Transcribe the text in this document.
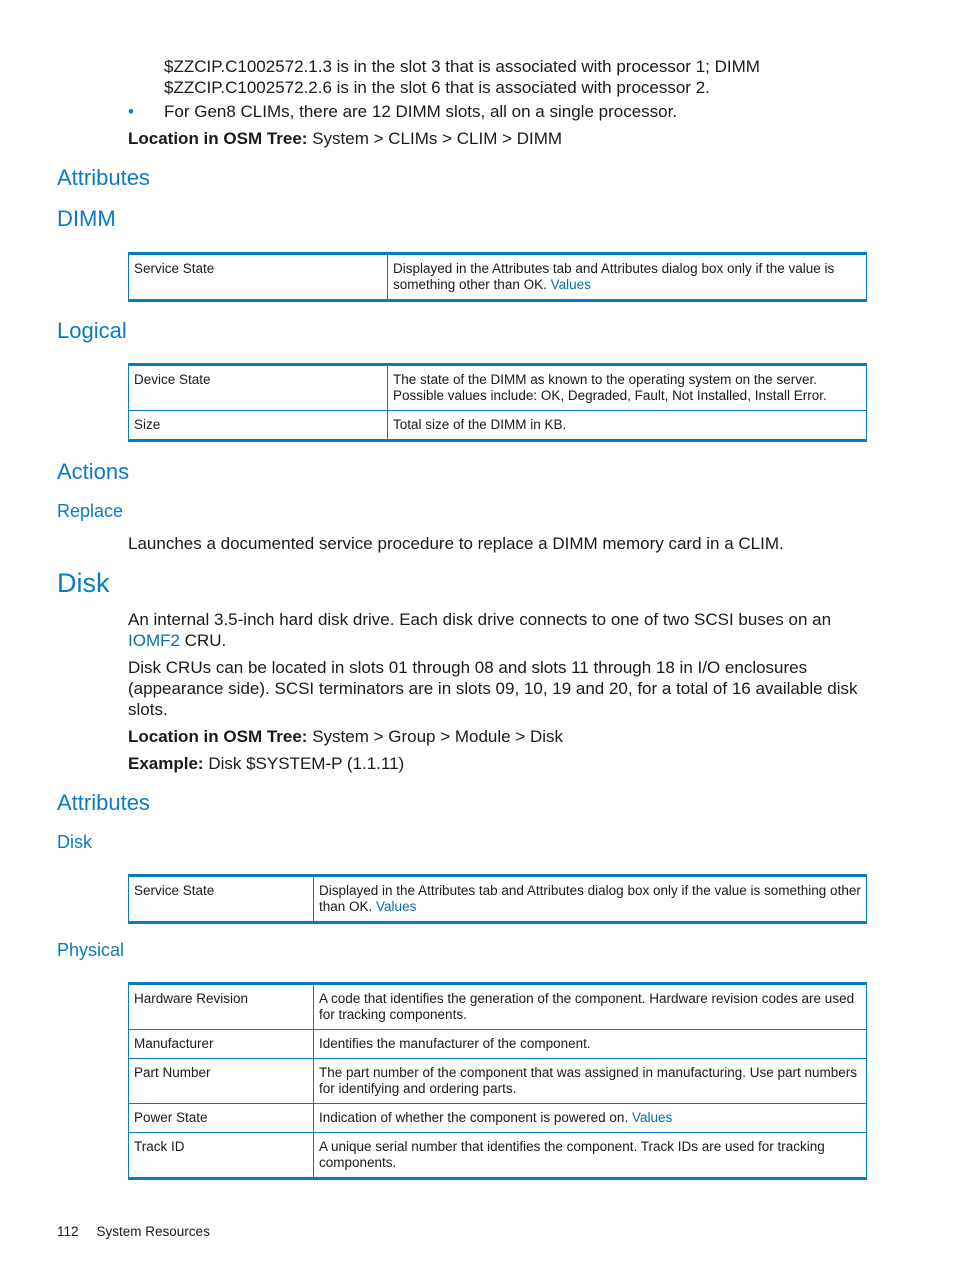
$ZZCIP.C1002572.1.3 is in the slot 3 that is associated with processor 1; DIMM
$ZZCIP.C1002572.2.6 is in the slot 6 that is associated with processor 2.
• For Gen8 CLIMs, there are 12 DIMM slots, all on a single processor.
Location in OSM Tree: System > CLIMs > CLIM > DIMM
Attributes
DIMM
Service State	Displayed in the Attributes tab and Attributes dialog box only if the value is something other than OK. Values
Logical
Device State	The state of the DIMM as known to the operating system on the server. Possible values include: OK, Degraded, Fault, Not Installed, Install Error.
Size	Total size of the DIMM in KB.
Actions
Replace
Launches a documented service procedure to replace a DIMM memory card in a CLIM.
Disk
An internal 3.5-inch hard disk drive. Each disk drive connects to one of two SCSI buses on an
IOMF2 CRU.
Disk CRUs can be located in slots 01 through 08 and slots 11 through 18 in I/O enclosures (appearance side). SCSI terminators are in slots 09, 10, 19 and 20, for a total of 16 available disk slots.
Location in OSM Tree: System > Group > Module > Disk
Example: Disk $SYSTEM-P (1.1.11)
Attributes
Disk
Service State	Displayed in the Attributes tab and Attributes dialog box only if the value is something other than OK. Values
Physical
Hardware Revision	A code that identifies the generation of the component. Hardware revision codes are used for tracking components.
Manufacturer	Identifies the manufacturer of the component.
Part Number	The part number of the component that was assigned in manufacturing. Use part numbers for identifying and ordering parts.
Power State	Indication of whether the component is powered on. Values
Track ID	A unique serial number that identifies the component. Track IDs are used for tracking components.
112 System Resources
